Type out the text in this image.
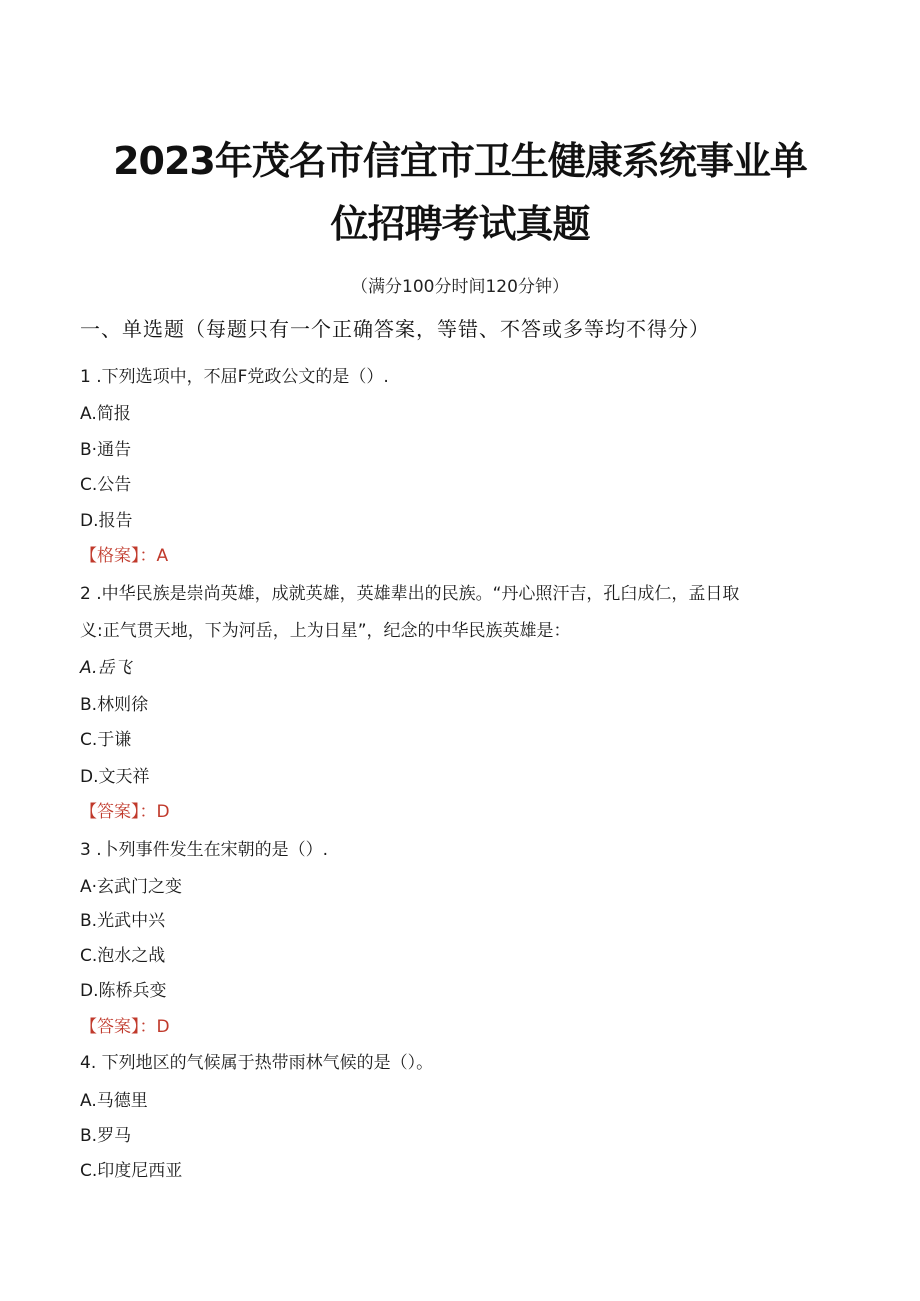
2023年茂名市信宜市卫生健康系统事业单
位招聘考试真题
（满分100分时间120分钟）
一、单选题（每题只有一个正确答案，等错、不答或多等均不得分）
1 .下列选项中，不屈F党政公文的是（）.
A.简报
B·通告
C.公告
D.报告
【格案】：A
2 .中华民族是崇尚英雄，成就英雄，英雄辈出的民族。“丹心照汗吉，孔臼成仁，孟日取
义:正气贯天地，下为河岳，上为日星”，纪念的中华民族英雄是：
A.岳飞
B.林则徐
C.于谦
D.文天祥
【答案】：D
3 .卜列事件发生在宋朝的是（）.
A·玄武门之变
B.光武中兴
C.泡水之战
D.陈桥兵变
【答案】：D
4. 下列地区的气候属于热带雨林气候的是（）。
A.马德里
B.罗马
C.印度尼西亚
